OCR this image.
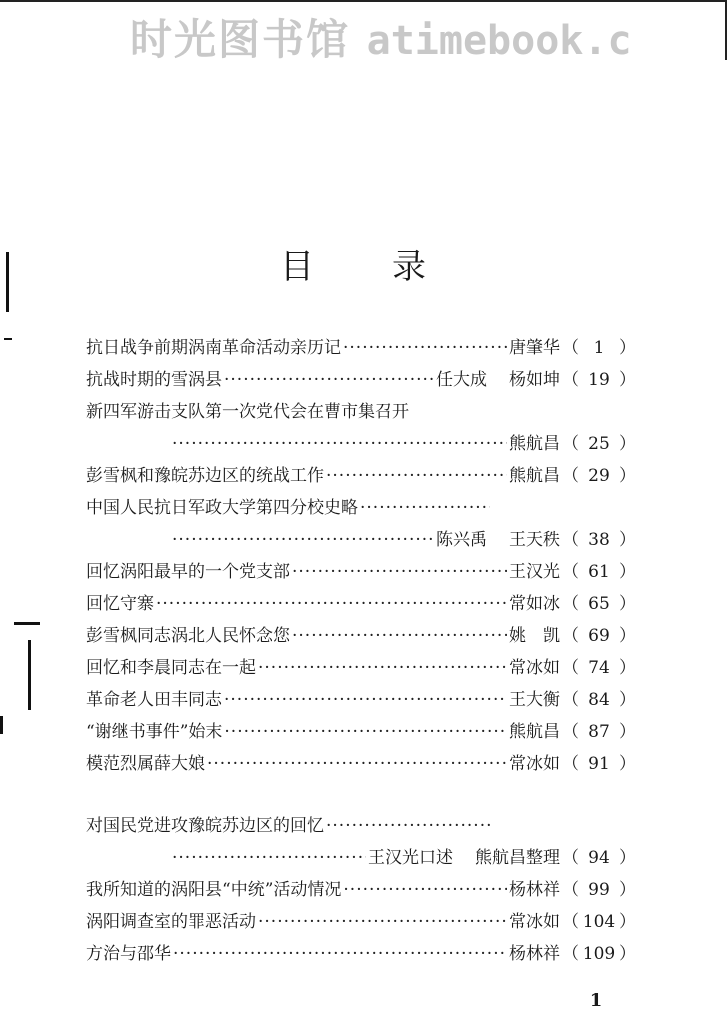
时光图书馆 atimebook.c
目 录
抗日战争前期涡南革命活动亲历记 ·····	唐肇华 （ 1 ）
抗战时期的雪涡县 ·····	任大成 杨如坤 （ 19 ）
新四军游击支队第一次党代会在曹市集召开
·····
熊航昌 （ 25 ）
彭雪枫和豫皖苏边区的统战工作 ·····	熊航昌 （ 29 ）
中国人民抗日军政大学第四分校史略
·····
·····
陈兴禹 王天秩 （ 38 ）
回忆涡阳最早的一个党支部 ·····	王汉光 （ 61 ）
回忆守寨 ·····	常如冰 （ 65 ）
彭雪枫同志涡北人民怀念您 ·····	姚　凯 （ 69 ）
回忆和李晨同志在一起 ·····	常冰如 （ 74 ）
革命老人田丰同志 ·····	王大衡 （ 84 ）
“谢继书事件”始末 ·····	熊航昌 （ 87 ）
模范烈属薛大娘 ·····	常冰如 （ 91 ）
对国民党进攻豫皖苏边区的回忆
·····
·····
王汉光口述 熊航昌整理 （ 94 ）
我所知道的涡阳县“中统”活动情况 ·····	杨林祥 （ 99 ）
涡阳调查室的罪恶活动 ·····	常冰如 （ 104 ）
方治与邵华 ·····	杨林祥 （ 109 ）
1
